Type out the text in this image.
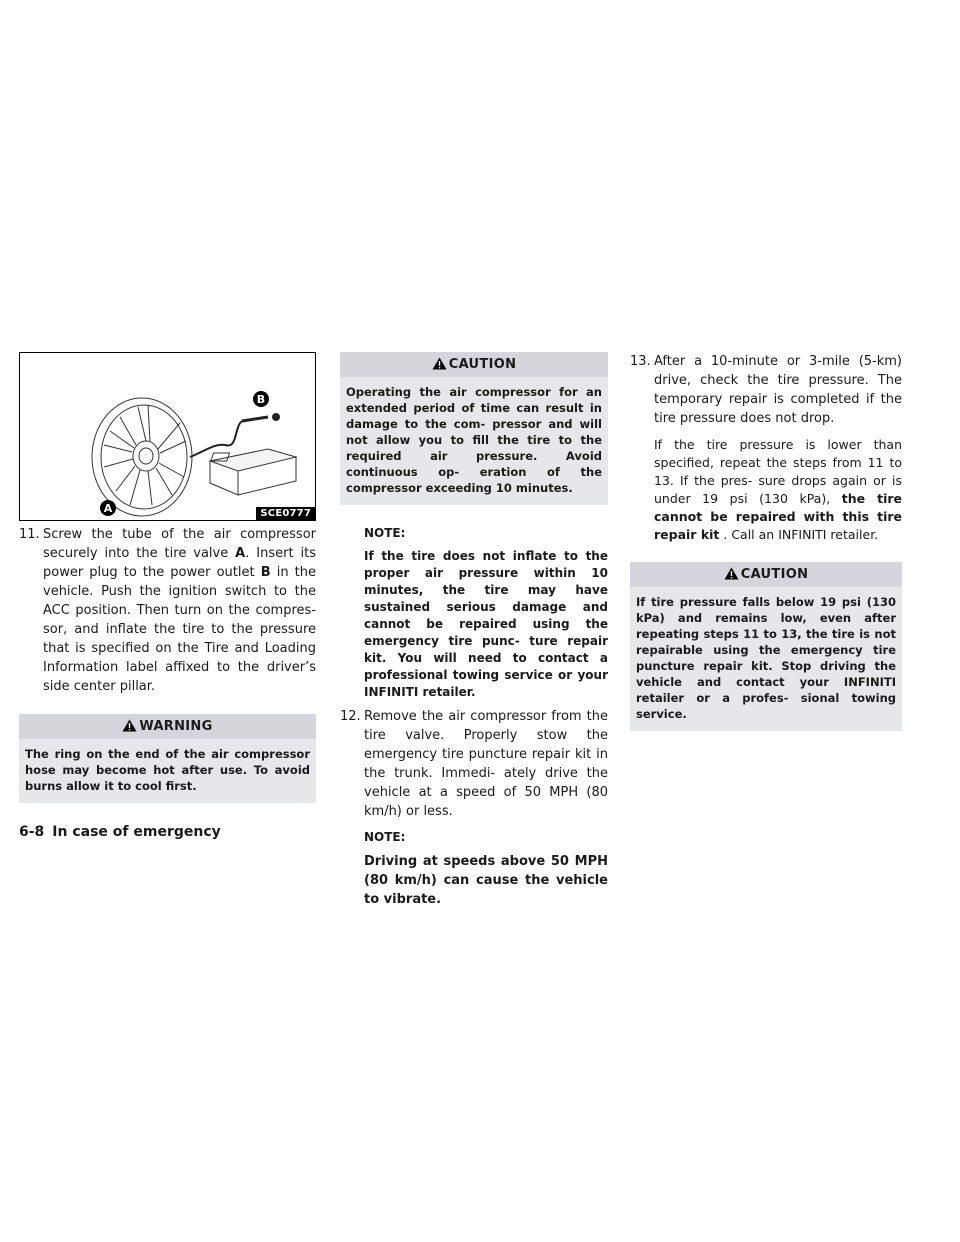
B
A	SCE0777

11. Screw the tube of the air compressor securely into the tire valve A. Insert its power plug to the power outlet B in the vehicle. Push the ignition switch to the ACC position. Then turn on the compres- sor, and inflate the tire to the pressure that is specified on the Tire and Loading Information label affixed to the driver’s side center pillar.

WARNING
The ring on the end of the air compressor hose may become hot after use. To avoid burns allow it to cool first.
CAUTION
Operating the air compressor for an extended period of time can result in damage to the com- pressor and will not allow you to fill the tire to the required air pressure. Avoid continuous op- eration of the compressor exceeding 10 minutes.

NOTE:

If the tire does not inflate to the proper air pressure within 10 minutes, the tire may have sustained serious damage and cannot be repaired using the emergency tire punc- ture repair kit. You will need to contact a professional towing service or your INFINITI retailer.

12. Remove the air compressor from the tire valve. Properly stow the emergency tire puncture repair kit in the trunk. Immedi- ately drive the vehicle at a speed of 50 MPH (80 km/h) or less.

NOTE:

Driving at speeds above 50 MPH (80 km/h) can cause the vehicle to vibrate.

13. After a 10-minute or 3-mile (5-km) drive, check the tire pressure. The temporary repair is completed if the tire pressure does not drop.

If the tire pressure is lower than specified, repeat the steps from 11 to 13. If the pres- sure drops again or is under 19 psi (130 kPa), the tire cannot be repaired with this tire repair kit . Call an INFINITI retailer.

CAUTION
If tire pressure falls below 19 psi (130 kPa) and remains low, even after repeating steps 11 to 13, the tire is not repairable using the emergency tire puncture repair kit. Stop driving the vehicle and contact your INFINITI retailer or a profes- sional towing service.
6-8 In case of emergency
